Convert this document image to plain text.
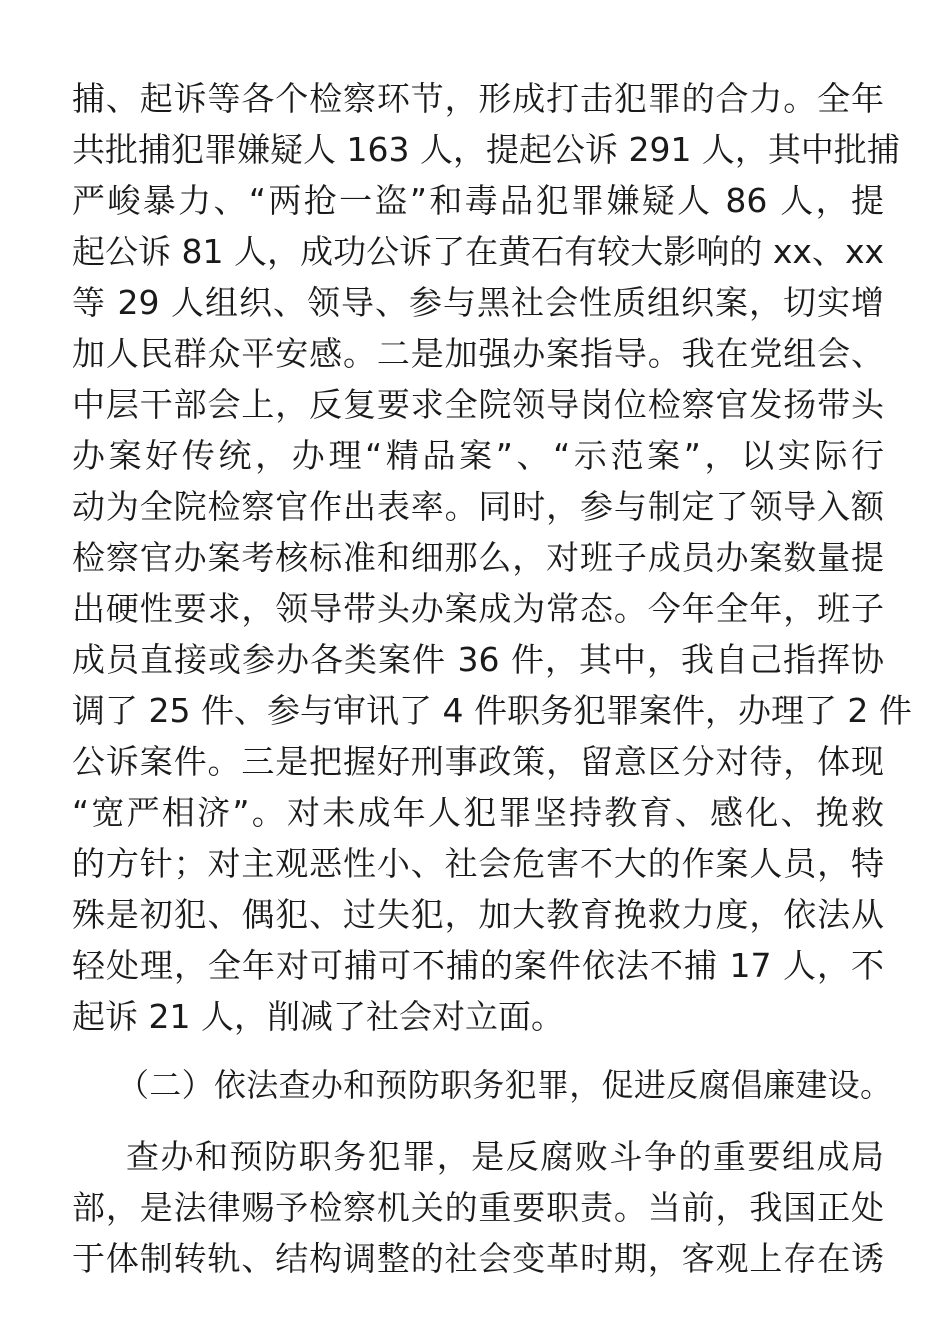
捕、起诉等各个检察环节，形成打击犯罪的合力。全年
共批捕犯罪嫌疑人 163 人，提起公诉 291 人，其中批捕
严峻暴力、“两抢一盗”和毒品犯罪嫌疑人 86 人，提
起公诉 81 人，成功公诉了在黄石有较大影响的 xx、xx
等 29 人组织、领导、参与黑社会性质组织案，切实增
加人民群众平安感。二是加强办案指导。我在党组会、
中层干部会上，反复要求全院领导岗位检察官发扬带头
办案好传统，办理“精品案”、“示范案”，以实际行
动为全院检察官作出表率。同时，参与制定了领导入额
检察官办案考核标准和细那么，对班子成员办案数量提
出硬性要求，领导带头办案成为常态。今年全年，班子
成员直接或参办各类案件 36 件，其中，我自己指挥协
调了 25 件、参与审讯了 4 件职务犯罪案件，办理了 2 件
公诉案件。三是把握好刑事政策，留意区分对待，体现
“宽严相济”。对未成年人犯罪坚持教育、感化、挽救
的方针；对主观恶性小、社会危害不大的作案人员，特
殊是初犯、偶犯、过失犯，加大教育挽救力度，依法从
轻处理，全年对可捕可不捕的案件依法不捕 17 人，不
起诉 21 人，削减了社会对立面。
（二）依法查办和预防职务犯罪，促进反腐倡廉建设。
查办和预防职务犯罪，是反腐败斗争的重要组成局
部，是法律赐予检察机关的重要职责。当前，我国正处
于体制转轨、结构调整的社会变革时期，客观上存在诱
